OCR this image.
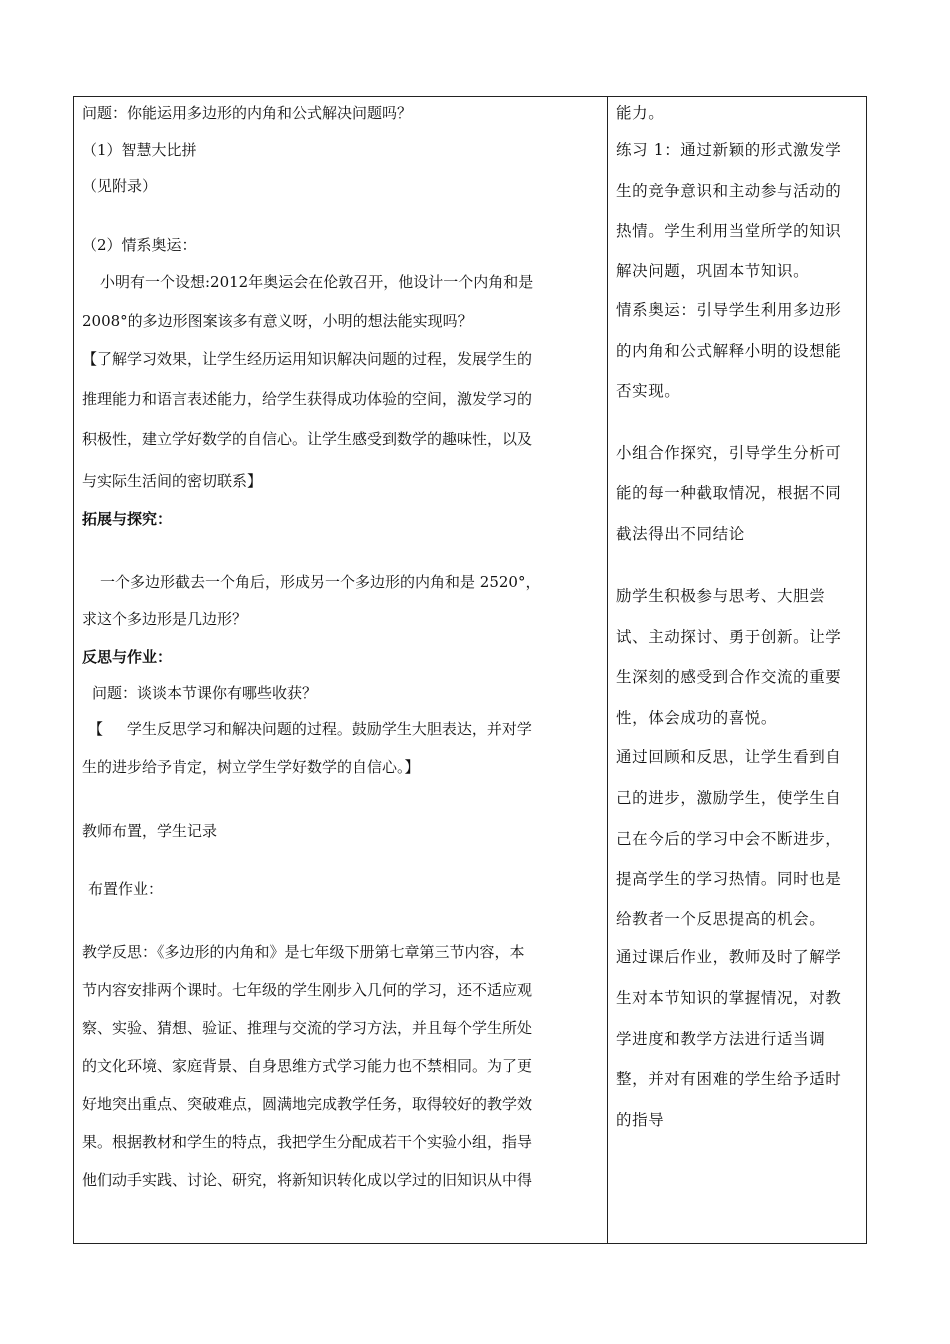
问题：你能运用多边形的内角和公式解决问题吗？
（1）智慧大比拼
（见附录）
（2）情系奥运：
小明有一个设想:2012年奥运会在伦敦召开，他设计一个内角和是
2008°的多边形图案该多有意义呀，小明的想法能实现吗？
【了解学习效果，让学生经历运用知识解决问题的过程，发展学生的
推理能力和语言表述能力，给学生获得成功体验的空间，激发学习的
积极性，建立学好数学的自信心。让学生感受到数学的趣味性，以及
与实际生活间的密切联系】
拓展与探究：
一个多边形截去一个角后，形成另一个多边形的内角和是 2520°，
求这个多边形是几边形？
反思与作业：
问题：谈谈本节课你有哪些收获？
【     学生反思学习和解决问题的过程。鼓励学生大胆表达，并对学
生的进步给予肯定，树立学生学好数学的自信心。】
教师布置，学生记录
布置作业：
教学反思：《多边形的内角和》是七年级下册第七章第三节内容，本
节内容安排两个课时。七年级的学生刚步入几何的学习，还不适应观
察、实验、猜想、验证、推理与交流的学习方法，并且每个学生所处
的文化环境、家庭背景、自身思维方式学习能力也不禁相同。为了更
好地突出重点、突破难点，圆满地完成教学任务，取得较好的教学效
果。根据教材和学生的特点，我把学生分配成若干个实验小组，指导
他们动手实践、讨论、研究，将新知识转化成以学过的旧知识从中得
能力。
练习 1：通过新颖的形式激发学
生的竞争意识和主动参与活动的
热情。学生利用当堂所学的知识
解决问题，巩固本节知识。
情系奥运：引导学生利用多边形
的内角和公式解释小明的设想能
否实现。
小组合作探究，引导学生分析可
能的每一种截取情况，根据不同
截法得出不同结论
励学生积极参与思考、大胆尝
试、主动探讨、勇于创新。让学
生深刻的感受到合作交流的重要
性，体会成功的喜悦。
通过回顾和反思，让学生看到自
己的进步，激励学生，使学生自
己在今后的学习中会不断进步，
提高学生的学习热情。同时也是
给教者一个反思提高的机会。
通过课后作业，教师及时了解学
生对本节知识的掌握情况，对教
学进度和教学方法进行适当调
整，并对有困难的学生给予适时
的指导
